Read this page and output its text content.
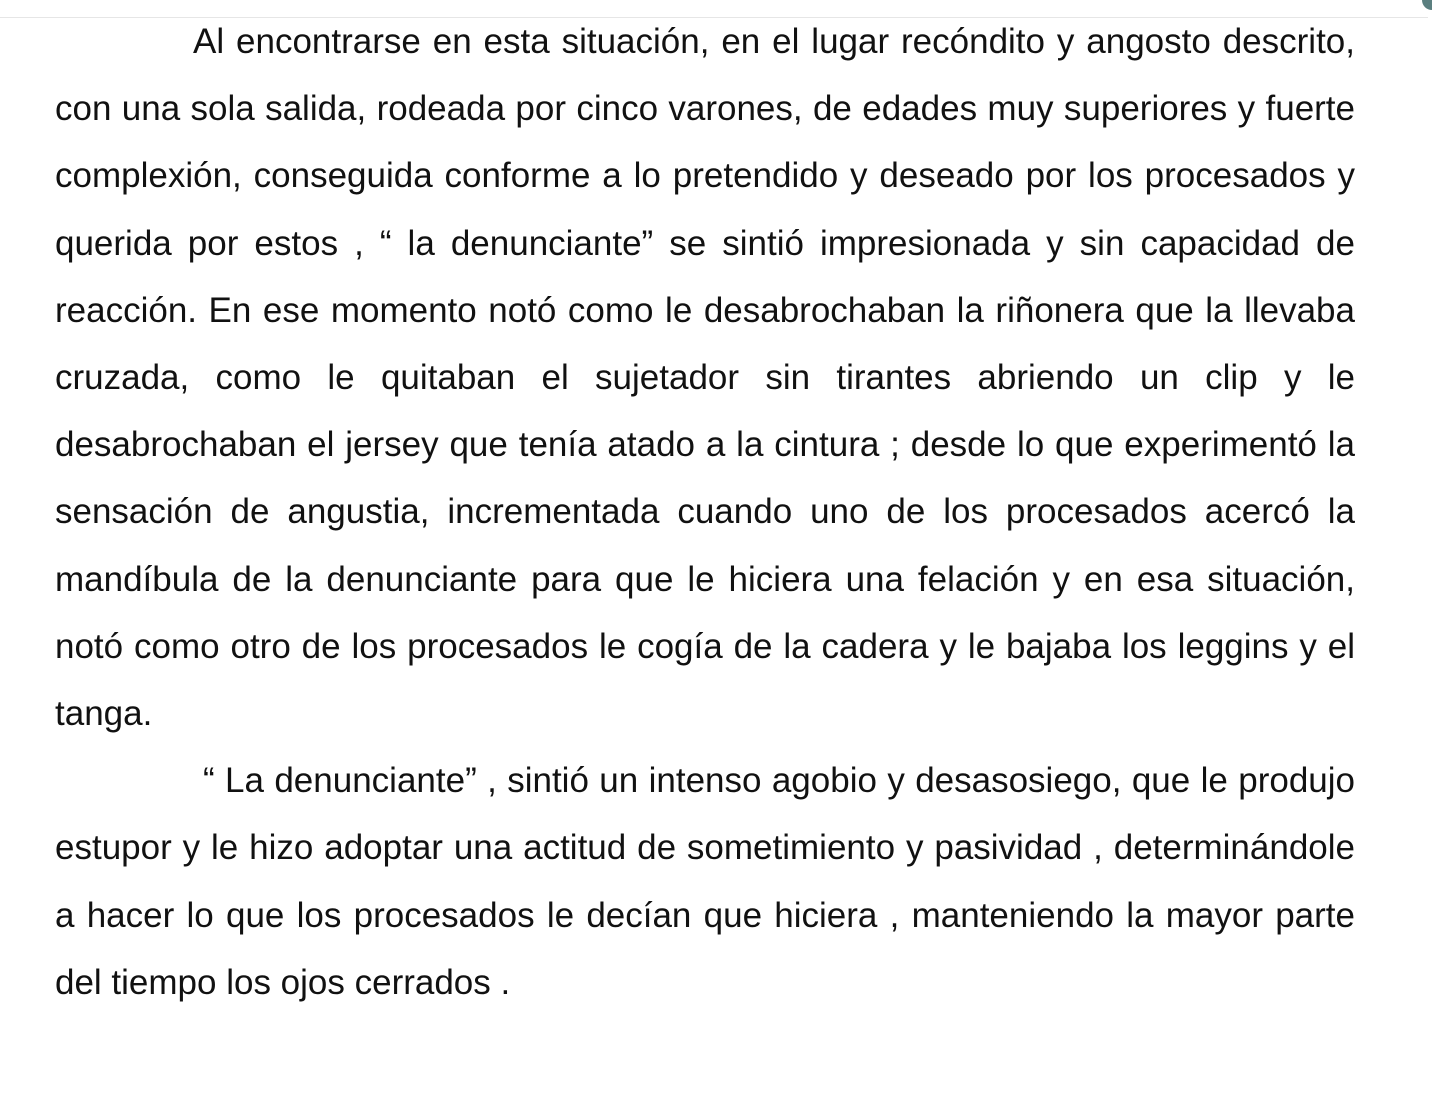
Al encontrarse en esta situación, en el lugar recóndito y angosto descrito, con una sola salida, rodeada por cinco varones, de edades muy superiores y fuerte complexión, conseguida conforme a lo pretendido y deseado por los procesados y querida por estos , “ la denunciante” se sintió impresionada y sin capacidad de reacción. En ese momento notó como le desabrochaban la riñonera que la llevaba cruzada, como le quitaban el sujetador sin tirantes abriendo un clip y le desabrochaban el jersey que tenía atado a la cintura ; desde lo que experimentó la sensación de angustia, incrementada cuando uno de los procesados acercó la mandíbula de la denunciante para que le hiciera una felación y en esa situación, notó como otro de los procesados le cogía de la cadera y le bajaba los leggins y el tanga.

“ La denunciante” , sintió un intenso agobio y desasosiego, que le produjo estupor y le hizo adoptar una actitud de sometimiento y pasividad , determinándole a hacer lo que los procesados le decían que hiciera , manteniendo la mayor parte del tiempo los ojos cerrados .
